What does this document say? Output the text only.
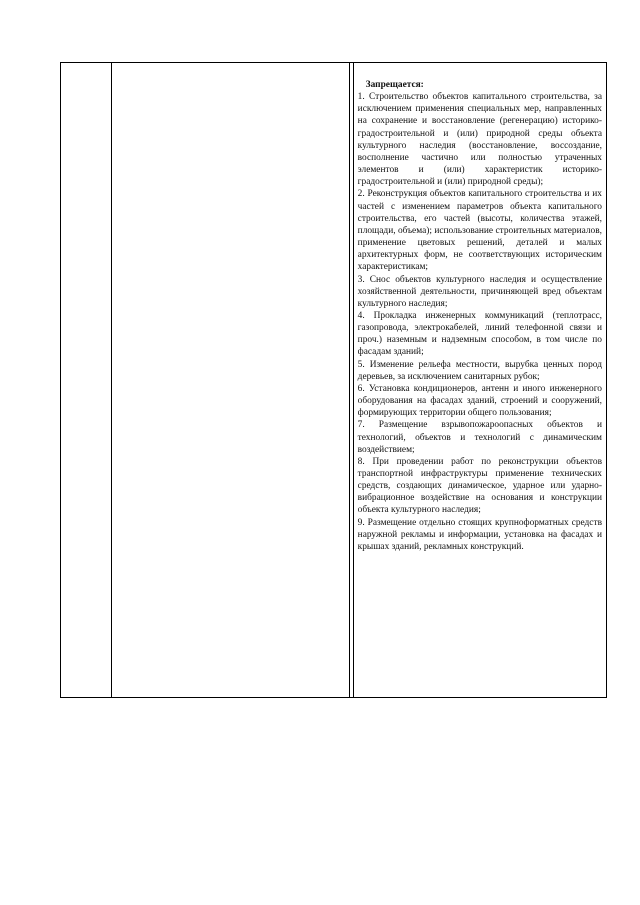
Запрещается:

1. Строительство объектов капитального строительства, за исключением применения специальных мер, направленных на сохранение и восстановление (регенерацию) историко-градостроительной и (или) природной среды объекта культурного наследия (восстановление, воссоздание, восполнение частично или полностью утраченных элементов и (или) характеристик историко-градостроительной и (или) природной среды);

2. Реконструкция объектов капитального строительства и их частей с изменением параметров объекта капитального строительства, его частей (высоты, количества этажей, площади, объема); использование строительных материалов, применение цветовых решений, деталей и малых архитектурных форм, не соответствующих историческим характеристикам;

3. Снос объектов культурного наследия и осуществление хозяйственной деятельности, причиняющей вред объектам культурного наследия;

4. Прокладка инженерных коммуникаций (теплотрасс, газопровода, электрокабелей, линий телефонной связи и проч.) наземным и надземным способом, в том числе по фасадам зданий;

5. Изменение рельефа местности, вырубка ценных пород деревьев, за исключением санитарных рубок;

6. Установка кондиционеров, антенн и иного инженерного оборудования на фасадах зданий, строений и сооружений, формирующих территории общего пользования;

7. Размещение взрывопожароопасных объектов и технологий, объектов и технологий с динамическим воздействием;

8. При проведении работ по реконструкции объектов транспортной инфраструктуры применение технических средств, создающих динамическое, ударное или ударно-вибрационное воздействие на основания и конструкции объекта культурного наследия;

9. Размещение отдельно стоящих крупноформатных средств наружной рекламы и информации, установка на фасадах и крышах зданий, рекламных конструкций.
